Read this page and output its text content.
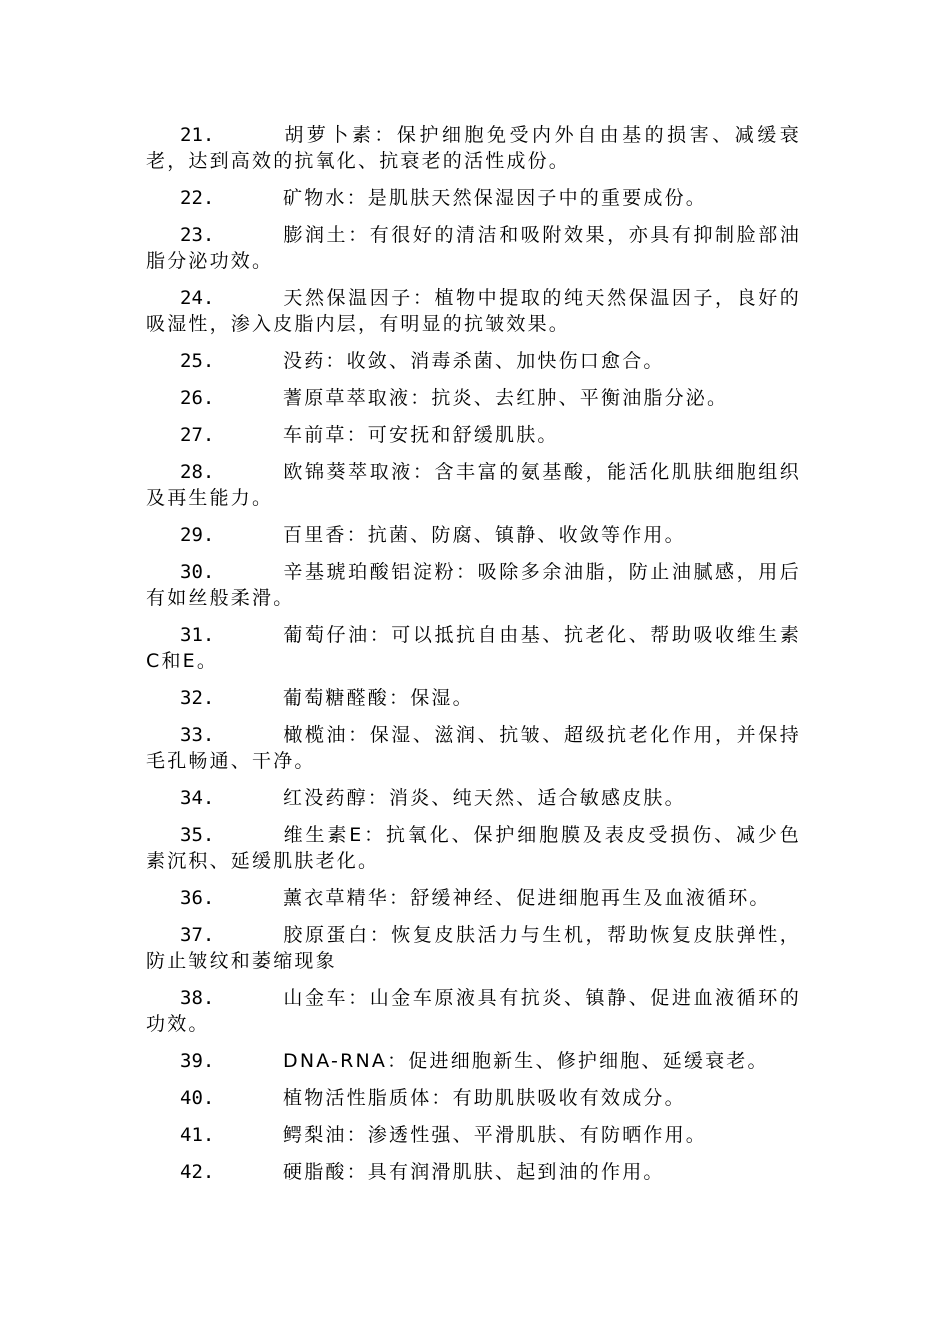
21.	胡萝卜素：保护细胞免受内外自由基的损害、减缓衰老，达到高效的抗氧化、抗衰老的活性成份。

22.	矿物水：是肌肤天然保湿因子中的重要成份。

23.	膨润土：有很好的清洁和吸附效果，亦具有抑制脸部油脂分泌功效。

24.	天然保温因子：植物中提取的纯天然保温因子，良好的吸湿性，渗入皮脂内层，有明显的抗皱效果。

25.	没药：收敛、消毒杀菌、加快伤口愈合。

26.	蓍原草萃取液：抗炎、去红肿、平衡油脂分泌。

27.	车前草：可安抚和舒缓肌肤。

28.	欧锦葵萃取液：含丰富的氨基酸，能活化肌肤细胞组织及再生能力。

29.	百里香：抗菌、防腐、镇静、收敛等作用。

30.	辛基琥珀酸铝淀粉：吸除多余油脂，防止油腻感，用后有如丝般柔滑。

31.	葡萄仔油：可以抵抗自由基、抗老化、帮助吸收维生素C和E。

32.	葡萄糖醛酸：保湿。

33.	橄榄油：保湿、滋润、抗皱、超级抗老化作用，并保持毛孔畅通、干净。

34.	红没药醇：消炎、纯天然、适合敏感皮肤。

35.	维生素E：抗氧化、保护细胞膜及表皮受损伤、减少色素沉积、延缓肌肤老化。

36.	薰衣草精华：舒缓神经、促进细胞再生及血液循环。

37.	胶原蛋白：恢复皮肤活力与生机，帮助恢复皮肤弹性，防止皱纹和萎缩现象

38.	山金车：山金车原液具有抗炎、镇静、促进血液循环的功效。

39.	DNA-RNA：促进细胞新生、修护细胞、延缓衰老。

40.	植物活性脂质体：有助肌肤吸收有效成分。

41.	鳄梨油：渗透性强、平滑肌肤、有防晒作用。

42.	硬脂酸：具有润滑肌肤、起到油的作用。
